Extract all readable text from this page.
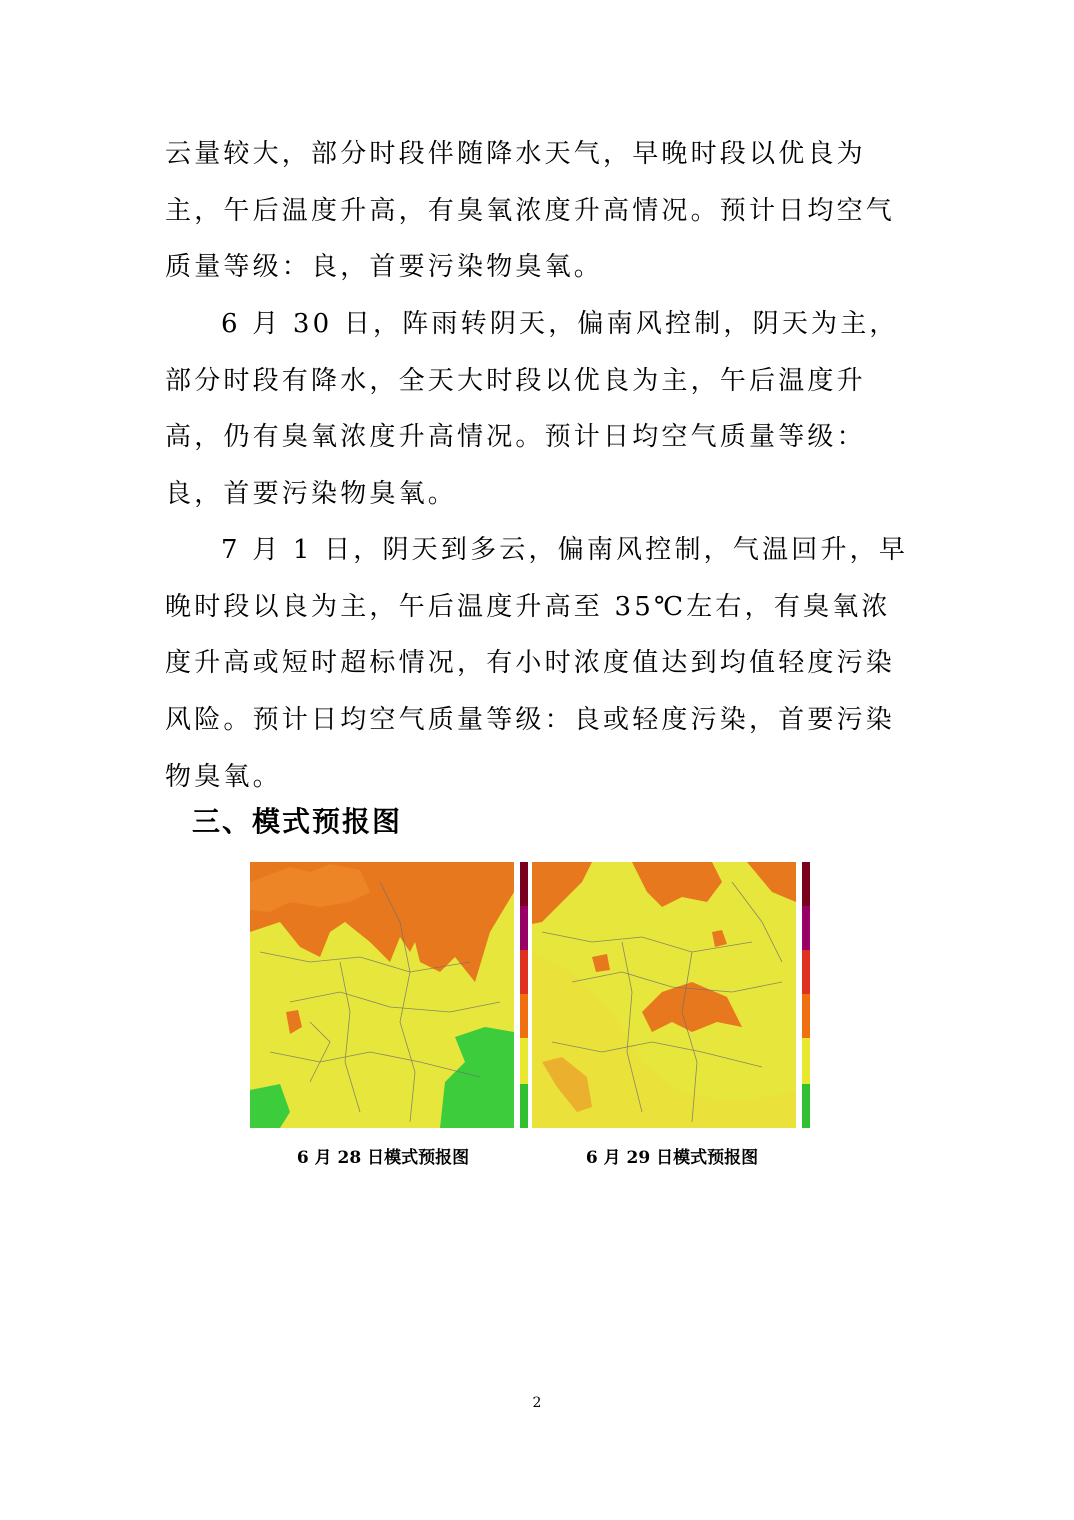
云量较大，部分时段伴随降水天气，早晚时段以优良为主，午后温度升高，有臭氧浓度升高情况。预计日均空气质量等级：良，首要污染物臭氧。

6 月 30 日，阵雨转阴天，偏南风控制，阴天为主，部分时段有降水，全天大时段以优良为主，午后温度升高，仍有臭氧浓度升高情况。预计日均空气质量等级：良，首要污染物臭氧。

7 月 1 日，阴天到多云，偏南风控制，气温回升，早晚时段以良为主，午后温度升高至 35℃左右，有臭氧浓度升高或短时超标情况，有小时浓度值达到均值轻度污染风险。预计日均空气质量等级：良或轻度污染，首要污染物臭氧。

三、模式预报图

6 月 28 日模式预报图	6 月 29 日模式预报图

2
